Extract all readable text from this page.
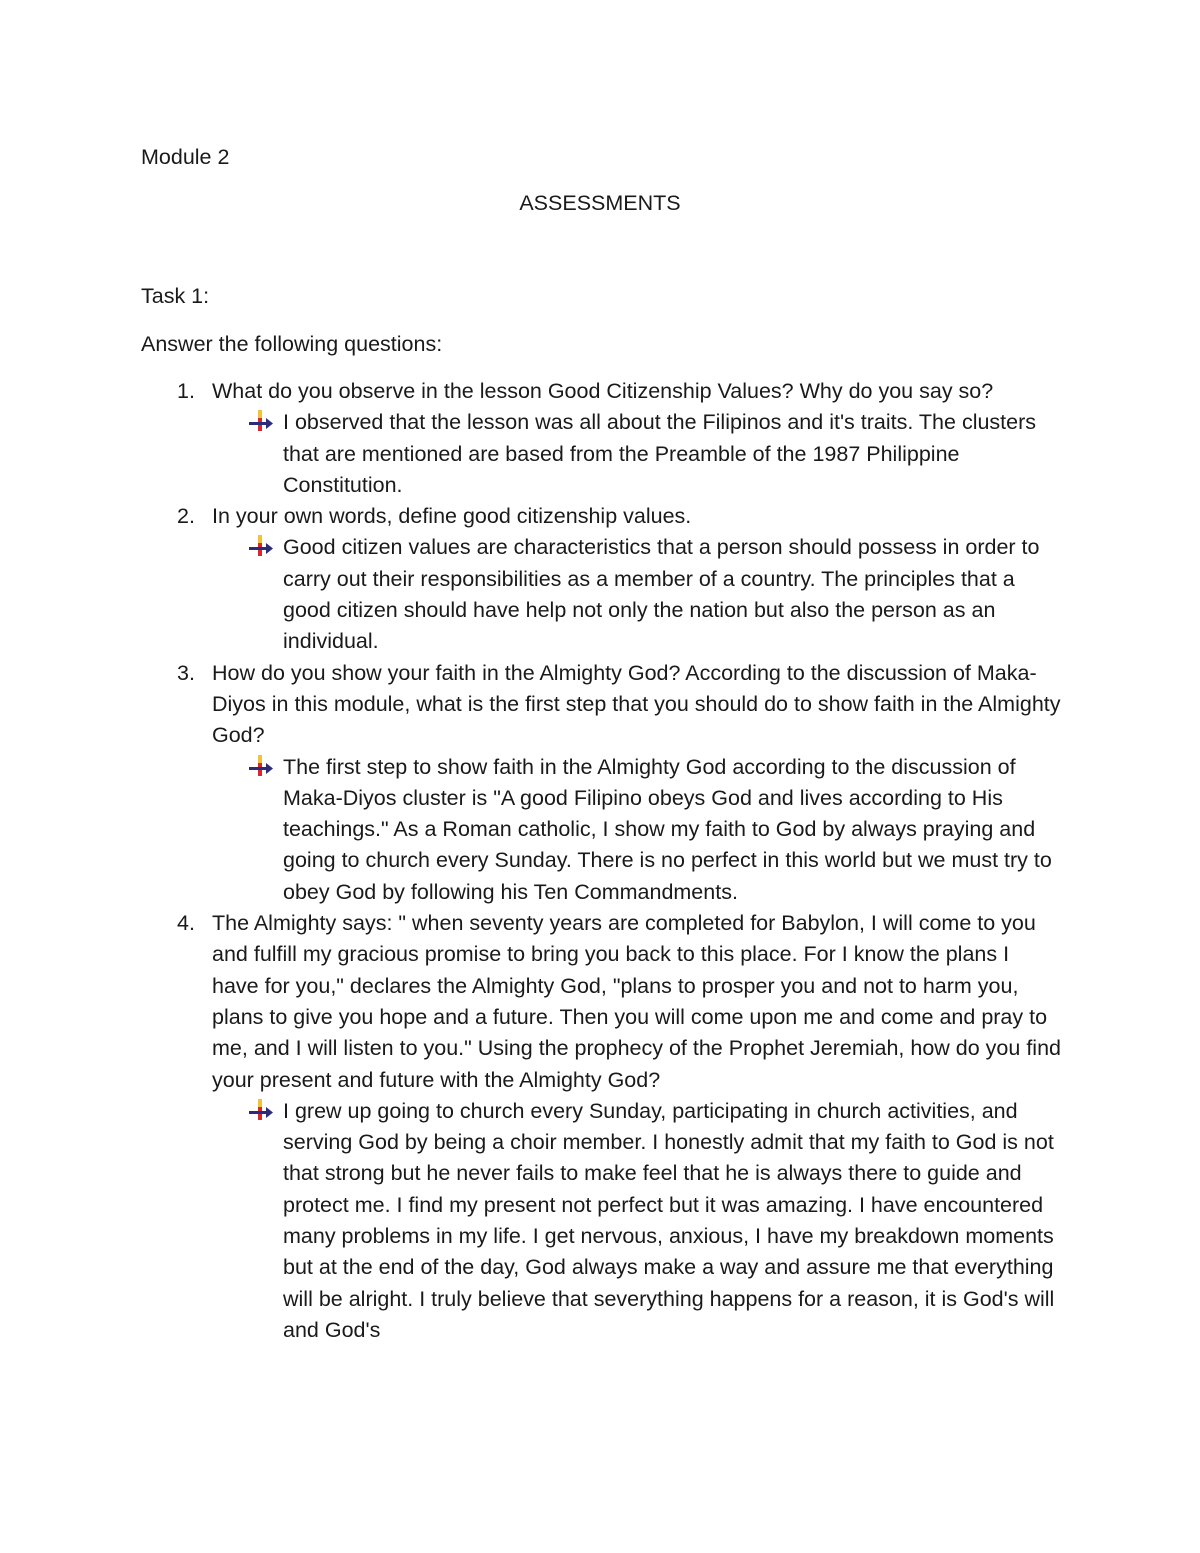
Module 2

ASSESSMENTS

Task 1:

Answer the following questions:

1. What do you observe in the lesson Good Citizenship Values? Why do you say so?
I observed that the lesson was all about the Filipinos and it's traits. The clusters that are mentioned are based from the Preamble of the 1987 Philippine Constitution.
2. In your own words, define good citizenship values.
Good citizen values are characteristics that a person should possess in order to carry out their responsibilities as a member of a country. The principles that a good citizen should have help not only the nation but also the person as an individual.
3. How do you show your faith in the Almighty God? According to the discussion of Maka-Diyos in this module, what is the first step that you should do to show faith in the Almighty God?
The first step to show faith in the Almighty God according to the discussion of Maka-Diyos cluster is "A good Filipino obeys God and lives according to His teachings." As a Roman catholic, I show my faith to God by always praying and going to church every Sunday. There is no perfect in this world but we must try to obey God by following his Ten Commandments.
4. The Almighty says: " when seventy years are completed for Babylon, I will come to you and fulfill my gracious promise to bring you back to this place. For I know the plans I have for you," declares the Almighty God, "plans to prosper you and not to harm you, plans to give you hope and a future. Then you will come upon me and come and pray to me, and I will listen to you." Using the prophecy of the Prophet Jeremiah, how do you find your present and future with the Almighty God?
I grew up going to church every Sunday, participating in church activities, and serving God by being a choir member. I honestly admit that my faith to God is not that strong but he never fails to make feel that he is always there to guide and protect me. I find my present not perfect but it was amazing. I have encountered many problems in my life. I get nervous, anxious, I have my breakdown moments but at the end of the day, God always make a way and assure me that everything will be alright. I truly believe that severything happens for a reason, it is God's will and God's
